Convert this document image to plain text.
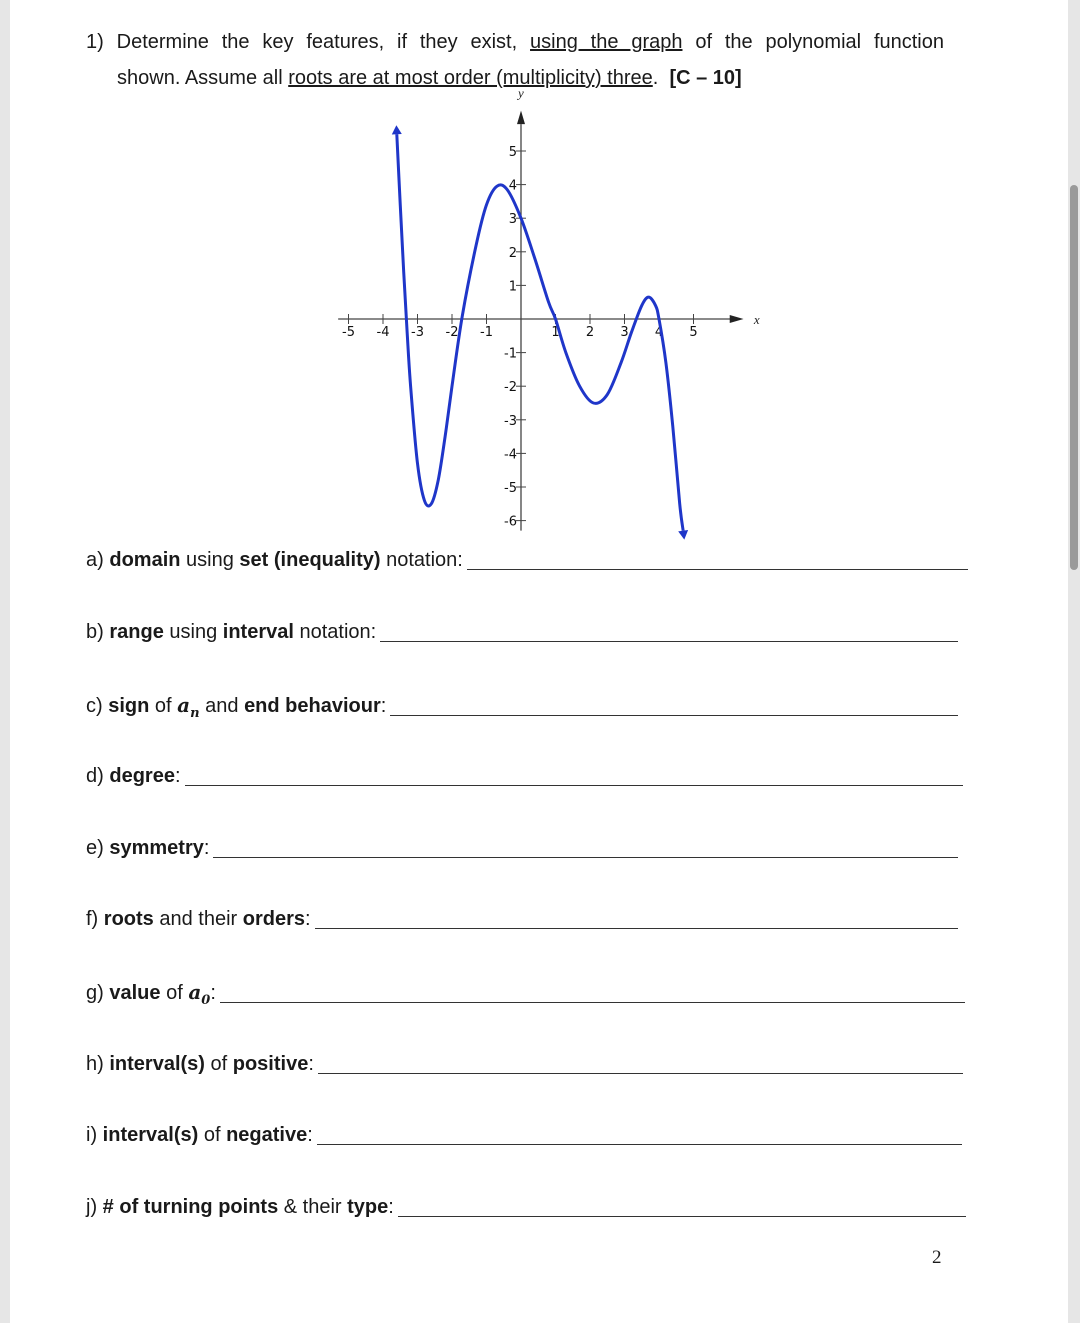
1) Determine the key features, if they exist, using the graph of the polynomial function
shown. Assume all roots are at most order (multiplicity) three. [C – 10]
x
y
-5 -4 -3 -2 -1	1 2 3 4 5
5
4
3
2
1
-1
-2
-3
-4
-5
-6
a) domain using set (inequality) notation:
b) range using interval notation:
c) sign of $a_n$ and end behaviour:
d) degree:
e) symmetry:
f) roots and their orders:
g) value of $a_0$:
h) interval(s) of positive:
i) interval(s) of negative:
j) # of turning points & their type:
2
